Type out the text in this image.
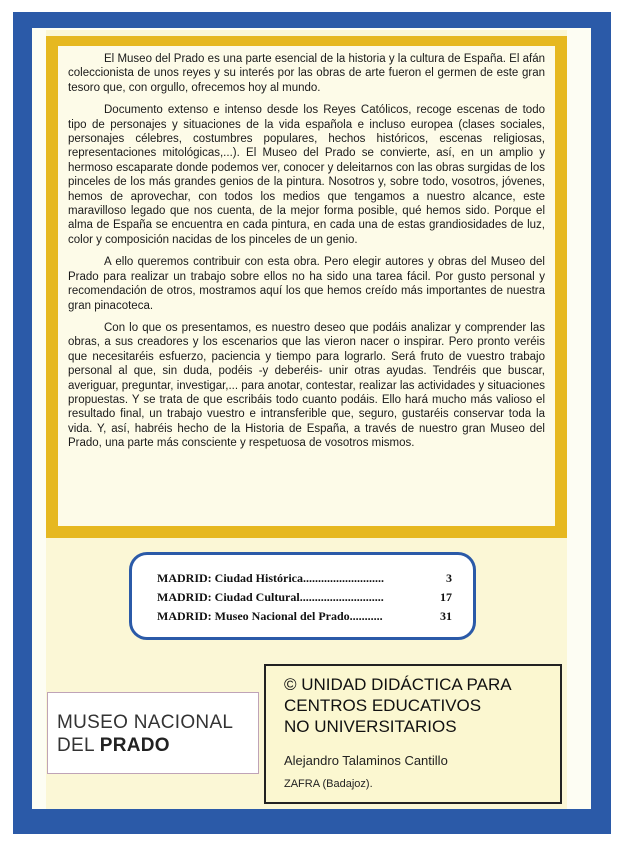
El Museo del Prado es una parte esencial de la historia y la cultura de España. El afán coleccionista de unos reyes y su interés por las obras de arte fueron el germen de este gran tesoro que, con orgullo, ofrecemos hoy al mundo.

Documento extenso e intenso desde los Reyes Católicos, recoge escenas de todo tipo de personajes y situaciones de la vida española e incluso europea (clases sociales, personajes célebres, costumbres populares, hechos históricos, escenas religiosas, representaciones mitológicas,...). El Museo del Prado se convierte, así, en un amplio y hermoso escaparate donde podemos ver, conocer y deleitarnos con las obras surgidas de los pinceles de los más grandes genios de la pintura. Nosotros y, sobre todo, vosotros, jóvenes, hemos de aprovechar, con todos los medios que tengamos a nuestro alcance, este maravilloso legado que nos cuenta, de la mejor forma posible, qué hemos sido. Porque el alma de España se encuentra en cada pintura, en cada una de estas grandiosidades de luz, color y composición nacidas de los pinceles de un genio.

A ello queremos contribuir con esta obra. Pero elegir autores y obras del Museo del Prado para realizar un trabajo sobre ellos no ha sido una tarea fácil. Por gusto personal y recomendación de otros, mostramos aquí los que hemos creído más importantes de nuestra gran pinacoteca.

Con lo que os presentamos, es nuestro deseo que podáis analizar y comprender las obras, a sus creadores y los escenarios que las vieron nacer o inspirar. Pero pronto veréis que necesitaréis esfuerzo, paciencia y tiempo para lograrlo. Será fruto de vuestro trabajo personal al que, sin duda, podéis -y deberéis- unir otras ayudas. Tendréis que buscar, averiguar, preguntar, investigar,... para anotar, contestar, realizar las actividades y situaciones propuestas. Y se trata de que escribáis todo cuanto podáis. Ello hará mucho más valioso el resultado final, un trabajo vuestro e intransferible que, seguro, gustaréis conservar toda la vida. Y, así, habréis hecho de la Historia de España, a través de nuestro gran Museo del Prado, una parte más consciente y respetuosa de vosotros mismos.

MADRID: Ciudad Histórica ...........................	3
MADRID: Ciudad Cultural ............................	17
MADRID: Museo Nacional del Prado ...........	31
MUSEO NACIONAL
DEL PRADO
© UNIDAD DIDÁCTICA PARA
CENTROS EDUCATIVOS
NO UNIVERSITARIOS
Alejandro Talaminos Cantillo
ZAFRA (Badajoz).
